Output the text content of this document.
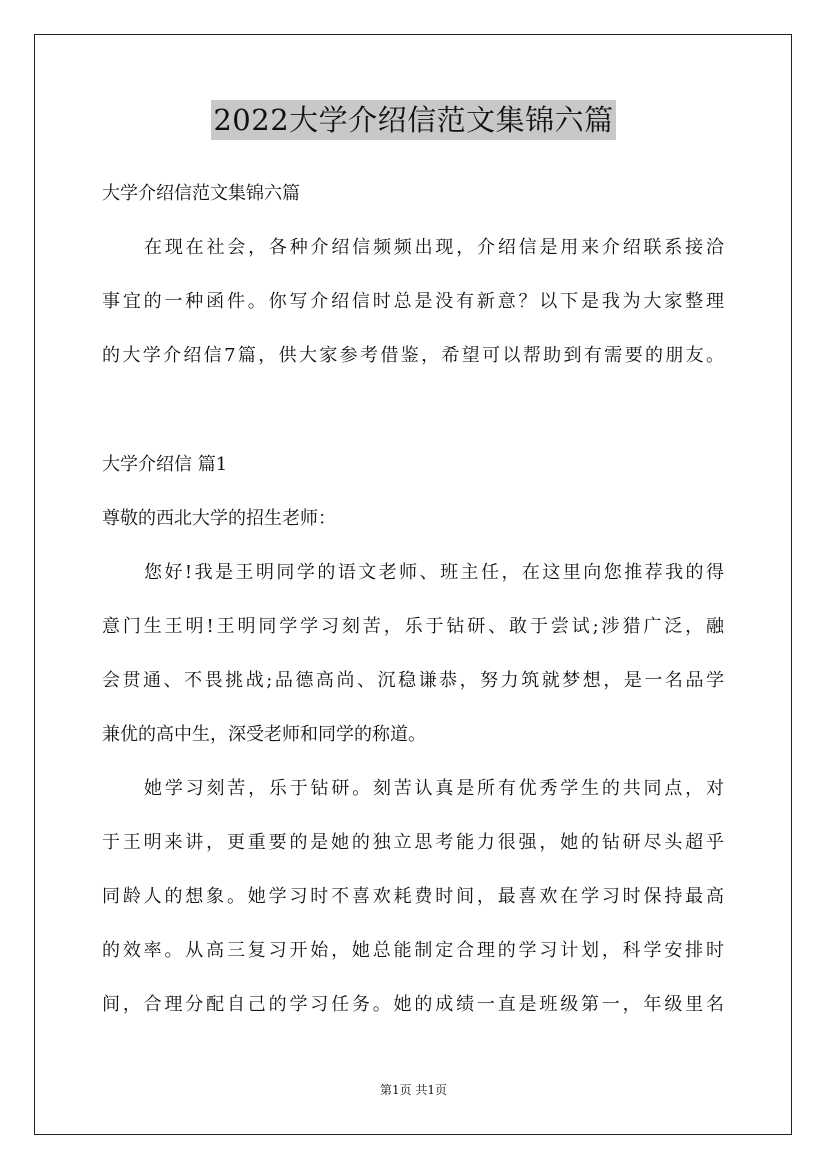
2022大学介绍信范文集锦六篇
大学介绍信范文集锦六篇
在现在社会，各种介绍信频频出现，介绍信是用来介绍联系接洽
事宜的一种函件。你写介绍信时总是没有新意？以下是我为大家整理
的大学介绍信7篇，供大家参考借鉴，希望可以帮助到有需要的朋友。
大学介绍信 篇1
尊敬的西北大学的招生老师：
您好!我是王明同学的语文老师、班主任，在这里向您推荐我的得
意门生王明!王明同学学习刻苦，乐于钻研、敢于尝试;涉猎广泛，融
会贯通、不畏挑战;品德高尚、沉稳谦恭，努力筑就梦想，是一名品学
兼优的高中生，深受老师和同学的称道。
她学习刻苦，乐于钻研。刻苦认真是所有优秀学生的共同点，对
于王明来讲，更重要的是她的独立思考能力很强，她的钻研尽头超乎
同龄人的想象。她学习时不喜欢耗费时间，最喜欢在学习时保持最高
的效率。从高三复习开始，她总能制定合理的学习计划，科学安排时
间，合理分配自己的学习任务。她的成绩一直是班级第一，年级里名
第1页 共1页
